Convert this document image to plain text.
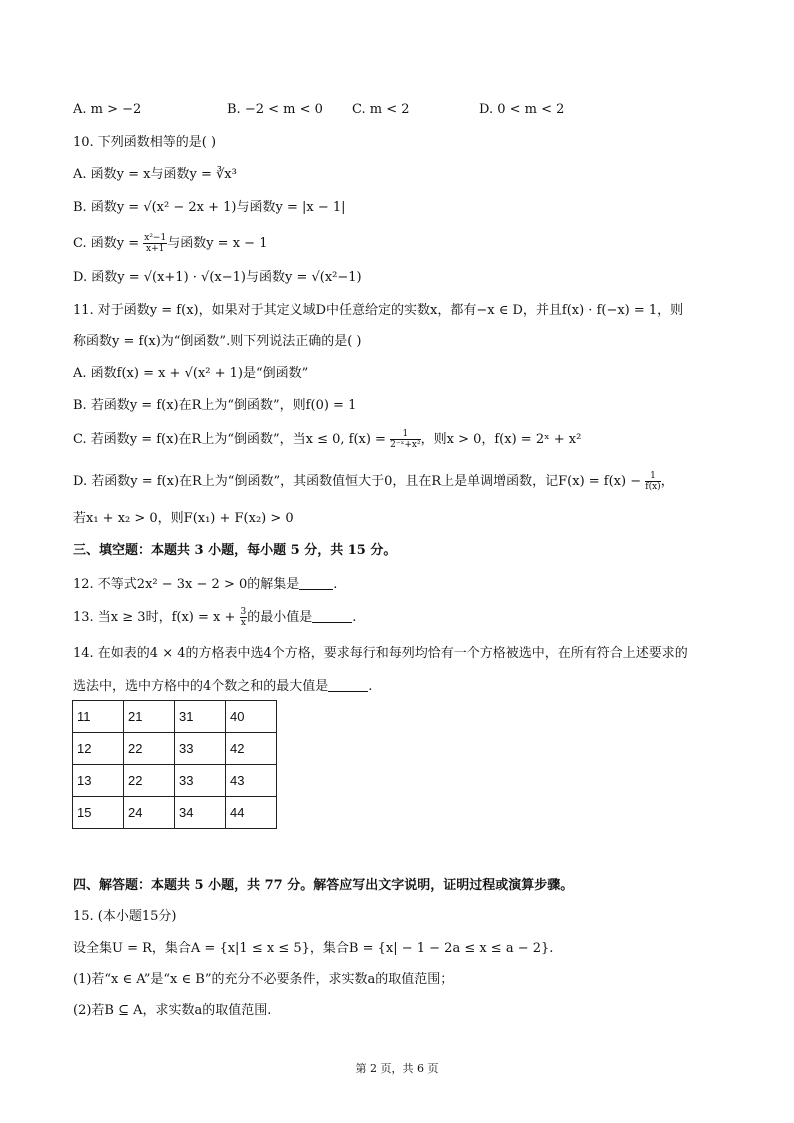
A. m > −2	B. −2 < m < 0 C. m < 2	D. 0 < m < 2
10. 下列函数相等的是( )
A. 函数y = x与函数y = ∛x³
B. 函数y = √(x² − 2x + 1)与函数y = |x − 1|
C. 函数$y = \frac{\text{x²−1}}{x+1}$ 与函数y = x − 1
D. 函数y = √(x+1) · √(x−1)与函数y = √(x²−1)
11. 对于函数y = f(x)，如果对于其定义域D中任意给定的实数x，都有−x ∈ D，并且f(x) · f(−x) = 1，则
称函数y = f(x)为“倒函数”.则下列说法正确的是( )
A. 函数f(x) = x + √(x² + 1)是“倒函数”
B. 若函数y = f(x)在R上为“倒函数”，则f(0) = 1
C. 若函数y = f(x)在R上为“倒函数”，当x ≤ 0, $f(x) = \frac{1}{\text{2⁻ˣ+x²}}$ ，则x > 0，f(x) = 2ˣ + x²
D. 若函数y = f(x)在R上为“倒函数”，其函数值恒大于0，且在R上是单调增函数，记$F(x) = f(x) - \frac{1}{f(x)}$ ，
若x₁ + x₂ > 0，则F(x₁) + F(x₂) > 0
三、填空题：本题共 3 小题，每小题 5 分，共 15 分。
12. 不等式2x² − 3x − 2 > 0的解集是	.
13. 当x ≥ 3时，$f(x) = x + \frac{3}{x}$ 的最小值是	.
14. 在如表的4 × 4的方格表中选4个方格，要求每行和每列均恰有一个方格被选中，在所有符合上述要求的
选法中，选中方格中的4个数之和的最大值是	.
11	21	31	40
12	22	33	42
13	22	33	43
15	24	34	44
四、解答题：本题共 5 小题，共 77 分。解答应写出文字说明，证明过程或演算步骤。
15. (本小题15分)
设全集U = R，集合A = {x|1 ≤ x ≤ 5}，集合B = {x| − 1 − 2a ≤ x ≤ a − 2}.
(1)若“x ∈ A”是“x ∈ B”的充分不必要条件，求实数a的取值范围；
(2)若B ⊆ A，求实数a的取值范围.
第 2 页，共 6 页
